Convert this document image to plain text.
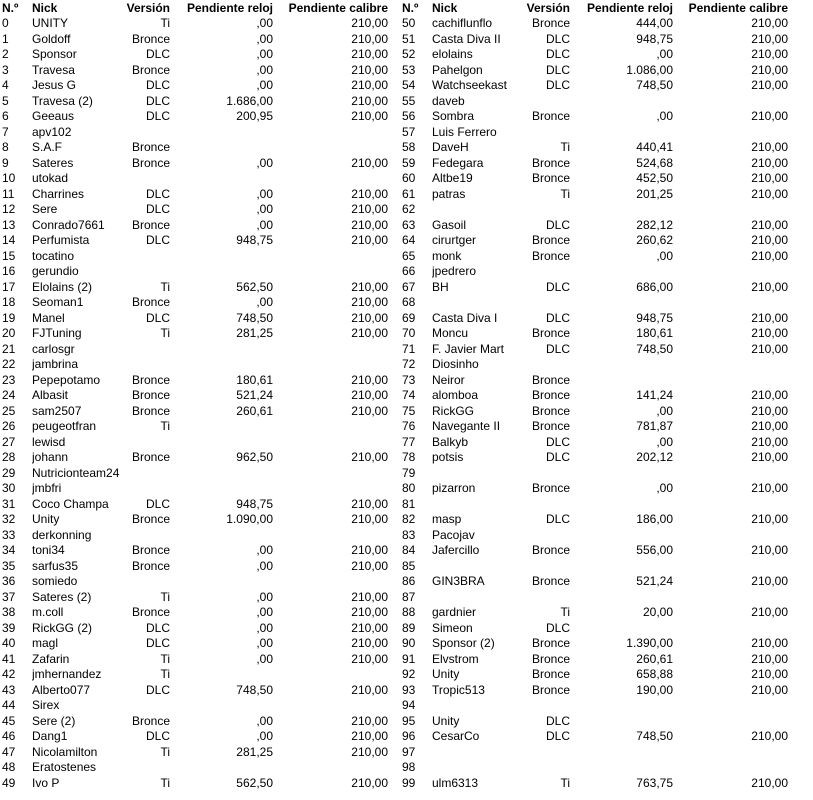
N.º	Nick	Versión	Pendiente reloj	Pendiente calibre
0	UNITY	Ti	,00	210,00
1	Goldoff	Bronce	,00	210,00
2	Sponsor	DLC	,00	210,00
3	Travesa	Bronce	,00	210,00
4	Jesus G	DLC	,00	210,00
5	Travesa (2)	DLC	1.686,00	210,00
6	Geeaus	DLC	200,95	210,00
7	apv102
8	S.A.F	Bronce
9	Sateres	Bronce	,00	210,00
10	utokad
11	Charrines	DLC	,00	210,00
12	Sere	DLC	,00	210,00
13	Conrado7661	Bronce	,00	210,00
14	Perfumista	DLC	948,75	210,00
15	tocatino
16	gerundio
17	Elolains (2)	Ti	562,50	210,00
18	Seoman1	Bronce	,00	210,00
19	Manel	DLC	748,50	210,00
20	FJTuning	Ti	281,25	210,00
21	carlosgr
22	jambrina
23	Pepepotamo	Bronce	180,61	210,00
24	Albasit	Bronce	521,24	210,00
25	sam2507	Bronce	260,61	210,00
26	peugeotfran	Ti
27	lewisd
28	johann	Bronce	962,50	210,00
29	Nutricionteam24
30	jmbfri
31	Coco Champa	DLC	948,75	210,00
32	Unity	Bronce	1.090,00	210,00
33	derkonning
34	toni34	Bronce	,00	210,00
35	sarfus35	Bronce	,00	210,00
36	somiedo
37	Sateres (2)	Ti	,00	210,00
38	m.coll	Bronce	,00	210,00
39	RickGG (2)	DLC	,00	210,00
40	magl	DLC	,00	210,00
41	Zafarin	Ti	,00	210,00
42	jmhernandez	Ti
43	Alberto077	DLC	748,50	210,00
44	Sirex
45	Sere (2)	Bronce	,00	210,00
46	Dang1	DLC	,00	210,00
47	Nicolamilton	Ti	281,25	210,00
48	Eratostenes
49	Ivo P	Ti	562,50	210,00
N.º	Nick	Versión	Pendiente reloj	Pendiente calibre
50	cachiflunflo	Bronce	444,00	210,00
51	Casta Diva II	DLC	948,75	210,00
52	elolains	DLC	,00	210,00
53	Pahelgon	DLC	1.086,00	210,00
54	Watchseekast	DLC	748,50	210,00
55	daveb
56	Sombra	Bronce	,00	210,00
57	Luis Ferrero
58	DaveH	Ti	440,41	210,00
59	Fedegara	Bronce	524,68	210,00
60	Altbe19	Bronce	452,50	210,00
61	patras	Ti	201,25	210,00
62
63	Gasoil	DLC	282,12	210,00
64	cirurtger	Bronce	260,62	210,00
65	monk	Bronce	,00	210,00
66	jpedrero
67	BH	DLC	686,00	210,00
68
69	Casta Diva I	DLC	948,75	210,00
70	Moncu	Bronce	180,61	210,00
71	F. Javier Mart	DLC	748,50	210,00
72	Diosinho
73	Neiror	Bronce
74	alomboa	Bronce	141,24	210,00
75	RickGG	Bronce	,00	210,00
76	Navegante II	Bronce	781,87	210,00
77	Balkyb	DLC	,00	210,00
78	potsis	DLC	202,12	210,00
79
80	pizarron	Bronce	,00	210,00
81
82	masp	DLC	186,00	210,00
83	Pacojav
84	Jafercillo	Bronce	556,00	210,00
85
86	GIN3BRA	Bronce	521,24	210,00
87
88	gardnier	Ti	20,00	210,00
89	Simeon	DLC
90	Sponsor (2)	Bronce	1.390,00	210,00
91	Elvstrom	Bronce	260,61	210,00
92	Unity	Bronce	658,88	210,00
93	Tropic513	Bronce	190,00	210,00
94
95	Unity	DLC
96	CesarCo	DLC	748,50	210,00
97
98
99	ulm6313	Ti	763,75	210,00
